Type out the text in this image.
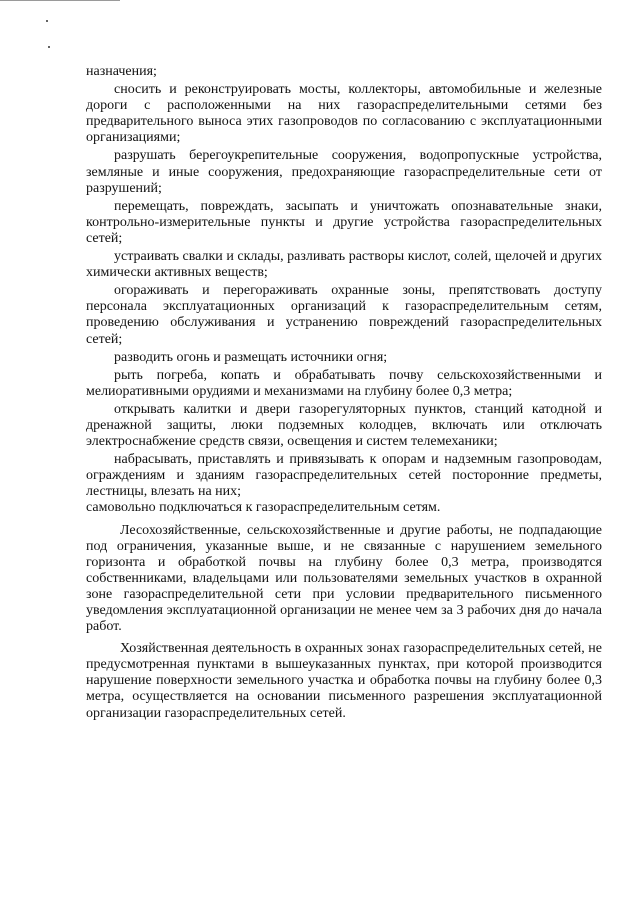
назначения;

сносить и реконструировать мосты, коллекторы, автомобильные и железные дороги с расположенными на них газораспределительными сетями без предварительного выноса этих газопроводов по согласованию с эксплуатационными организациями;

разрушать берегоукрепительные сооружения, водопропускные устройства, земляные и иные сооружения, предохраняющие газораспределительные сети от разрушений;

перемещать, повреждать, засыпать и уничтожать опознавательные знаки, контрольно-измерительные пункты и другие устройства газораспределительных сетей;

устраивать свалки и склады, разливать растворы кислот, солей, щелочей и других химически активных веществ;

огораживать и перегораживать охранные зоны, препятствовать доступу персонала эксплуатационных организаций к газораспределительным сетям, проведению обслуживания и устранению повреждений газораспределительных сетей;

разводить огонь и размещать источники огня;

рыть погреба, копать и обрабатывать почву сельскохозяйственными и мелиоративными орудиями и механизмами на глубину более 0,3 метра;

открывать калитки и двери газорегуляторных пунктов, станций катодной и дренажной защиты, люки подземных колодцев, включать или отключать электроснабжение средств связи, освещения и систем телемеханики;

набрасывать, приставлять и привязывать к опорам и надземным газопроводам, ограждениям и зданиям газораспределительных сетей посторонние предметы, лестницы, влезать на них;

самовольно подключаться к газораспределительным сетям.

Лесохозяйственные, сельскохозяйственные и другие работы, не подпадающие под ограничения, указанные выше, и не связанные с нарушением земельного горизонта и обработкой почвы на глубину более 0,3 метра, производятся собственниками, владельцами или пользователями земельных участков в охранной зоне газораспределительной сети при условии предварительного письменного уведомления эксплуатационной организации не менее чем за 3 рабочих дня до начала работ.

Хозяйственная деятельность в охранных зонах газораспределительных сетей, не предусмотренная пунктами в вышеуказанных пунктах, при которой производится нарушение поверхности земельного участка и обработка почвы на глубину более 0,3 метра, осуществляется на основании письменного разрешения эксплуатационной организации газораспределительных сетей.
